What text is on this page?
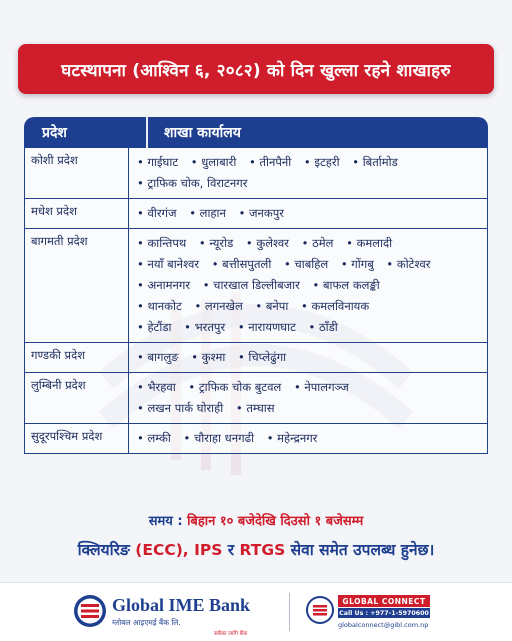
घटस्थापना (आश्विन ६, २०८२) को दिन खुल्ला रहने शाखाहरु
प्रदेश	शाखा कार्यालय
कोशी प्रदेश	• गाईघाट • धुलाबारी • तीनपैनी • इटहरी • बिर्तामोड
• ट्राफिक चोक, विराटनगर
मधेश प्रदेश	• वीरगंज • लाहान • जनकपुर
बागमती प्रदेश	• कान्तिपथ • न्यूरोड • कुलेश्वर • ठमेल • कमलादी
• नयाँ बानेश्वर • बत्तीसपुतली • चाबहिल • गोंगबु • कोटेश्वर
• अनामनगर • चारखाल डिल्लीबजार • बाफल कलङ्की
• थानकोट • लगनखेल • बनेपा • कमलविनायक
• हेटौंडा • भरतपुर • नारायणघाट • ठाँडी
गण्डकी प्रदेश	• बागलुङ • कुश्मा • चिप्लेढुंगा
लुम्बिनी प्रदेश	• भैरहवा • ट्राफिक चोक बुटवल • नेपालगञ्ज
• लखन पार्क घोराही • तम्घास
सुदूरपश्चिम प्रदेश	• लम्की • चौराहा धनगढी • महेन्द्रनगर
समय : बिहान १० बजेदेखि दिउसो १ बजेसम्म
क्लियरिङ (ECC), IPS र RTGS सेवा समेत उपलब्ध हुनेछ।
Global IME Bank
ग्लोबल आइएमई बैंक लि.
सबैका लागि बैंक
GLOBAL CONNECT
Call Us : +977-1-5970600
globalconnect@gibl.com.np
